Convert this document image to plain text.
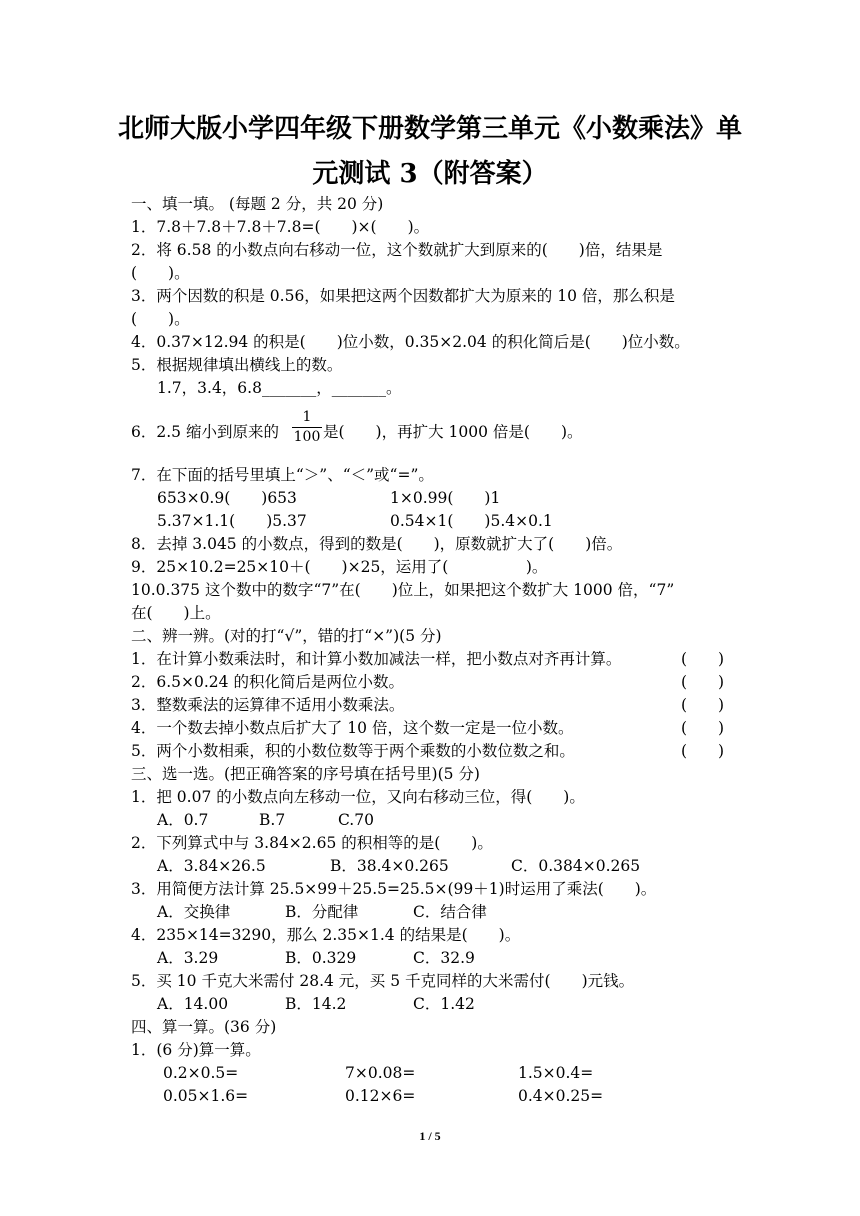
北师大版小学四年级下册数学第三单元《小数乘法》单
元测试 3（附答案）
一、填一填。 (每题 2 分，共 20 分)
1．7.8＋7.8＋7.8＋7.8=(　　)×(　　)。
2．将 6.58 的小数点向右移动一位，这个数就扩大到原来的(　　)倍，结果是
(　　)。
3．两个因数的积是 0.56，如果把这两个因数都扩大为原来的 10 倍，那么积是
(　　)。
4．0.37×12.94 的积是(　　)位小数，0.35×2.04 的积化简后是(　　)位小数。
5．根据规律填出横线上的数。
1.7，3.4，6.8_______，_______。
6．2.5 缩小到原来的
1
100 是(　　)，再扩大 1000 倍是(　　)。
7．在下面的括号里填上“＞”、“＜”或“=”。
653×0.9(　　)653	1×0.99(　　)1
5.37×1.1(　　)5.37	0.54×1(　　)5.4×0.1
8．去掉 3.045 的小数点，得到的数是(　　)，原数就扩大了(　　)倍。
9．25×10.2=25×10＋(　　)×25，运用了(　　　　　)。
10.0.375 这个数中的数字“7”在(　　)位上，如果把这个数扩大 1000 倍，“7”
在(　　)上。
二、辨一辨。(对的打“√”，错的打“×”)(5 分)
1．在计算小数乘法时，和计算小数加减法一样，把小数点对齐再计算。	(　　)
2．6.5×0.24 的积化简后是两位小数。	(　　)
3．整数乘法的运算律不适用小数乘法。	(　　)
4．一个数去掉小数点后扩大了 10 倍，这个数一定是一位小数。	(　　)
5．两个小数相乘，积的小数位数等于两个乘数的小数位数之和。	(　　)
三、选一选。(把正确答案的序号填在括号里)(5 分)
1．把 0.07 的小数点向左移动一位，又向右移动三位，得(　　)。
A．0.7	B.7	C.70
2．下列算式中与 3.84×2.65 的积相等的是(　　)。
A．3.84×26.5	B．38.4×0.265	C．0.384×0.265
3．用简便方法计算 25.5×99＋25.5=25.5×(99＋1)时运用了乘法(　　)。
A．交换律	B．分配律	C．结合律
4．235×14=3290，那么 2.35×1.4 的结果是(　　)。
A．3.29	B．0.329	C．32.9
5．买 10 千克大米需付 28.4 元，买 5 千克同样的大米需付(　　)元钱。
A．14.00	B．14.2	C．1.42
四、算一算。(36 分)
1．(6 分)算一算。
0.2×0.5=	7×0.08=	1.5×0.4=
0.05×1.6=	0.12×6=	0.4×0.25=
1 / 5
